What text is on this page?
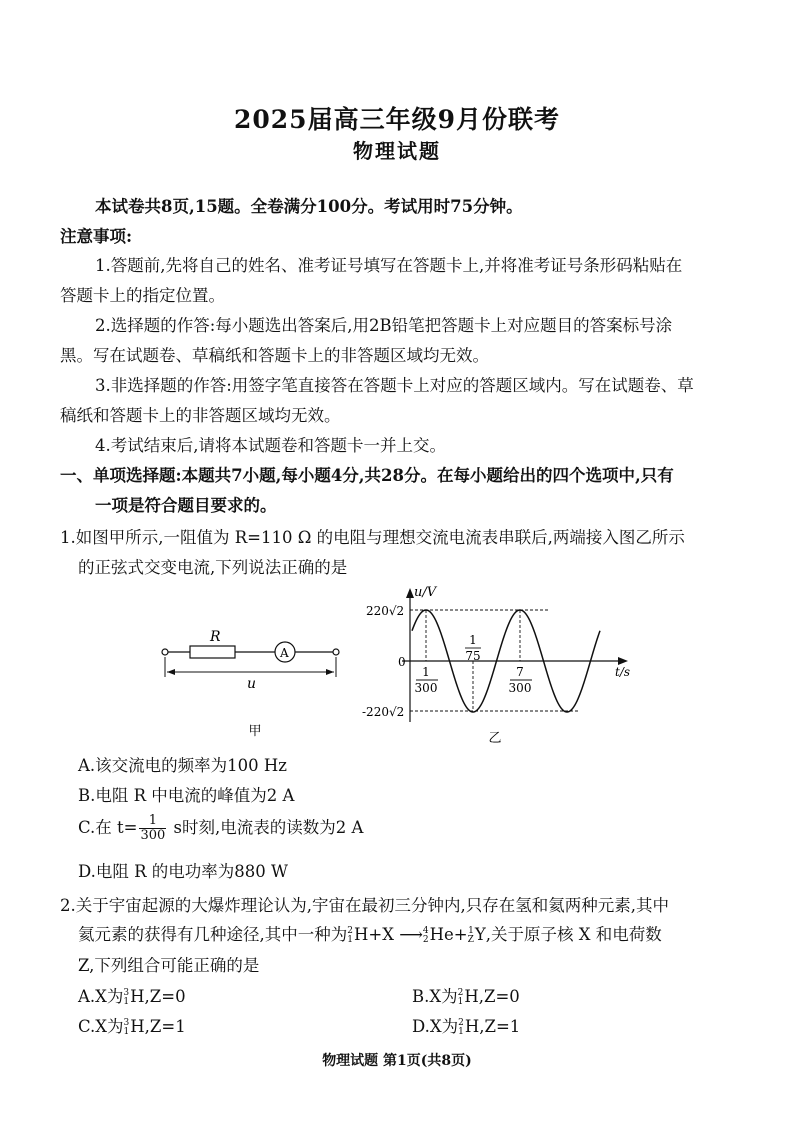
2025届高三年级9月份联考
物理试题
本试卷共8页,15题。全卷满分100分。考试用时75分钟。
注意事项:
1.答题前,先将自己的姓名、准考证号填写在答题卡上,并将准考证号条形码粘贴在
答题卡上的指定位置。
2.选择题的作答:每小题选出答案后,用2B铅笔把答题卡上对应题目的答案标号涂
黑。写在试题卷、草稿纸和答题卡上的非答题区域均无效。
3.非选择题的作答:用签字笔直接答在答题卡上对应的答题区域内。写在试题卷、草
稿纸和答题卡上的非答题区域均无效。
4.考试结束后,请将本试题卷和答题卡一并上交。
一、单项选择题:本题共7小题,每小题4分,共28分。在每小题给出的四个选项中,只有
一项是符合题目要求的。
1.如图甲所示,一阻值为 R=110 Ω 的电阻与理想交流电流表串联后,两端接入图乙所示
的正弦式交变电流,下列说法正确的是
R
A
u
甲
u/V
t/s
220√2
-220√2
0
1
300
1
75
7
300
乙
A.该交流电的频率为100 Hz
B.电阻 R 中电流的峰值为2 A
C.在 $t= \frac{1}{300}$ s时刻,电流表的读数为2 A
D.电阻 R 的电功率为880 W
2.关于宇宙起源的大爆炸理论认为,宇宙在最初三分钟内,只存在氢和氦两种元素,其中
氦元素的获得有几种途径,其中一种为2
1H+X ⟶4
2He+1
ZY,关于原子核 X 和电荷数
Z,下列组合可能正确的是
A.X为3
1H,Z=0	B.X为2
1H,Z=0
C.X为3
1H,Z=1	D.X为2
1H,Z=1
物理试题 第1页(共8页)
